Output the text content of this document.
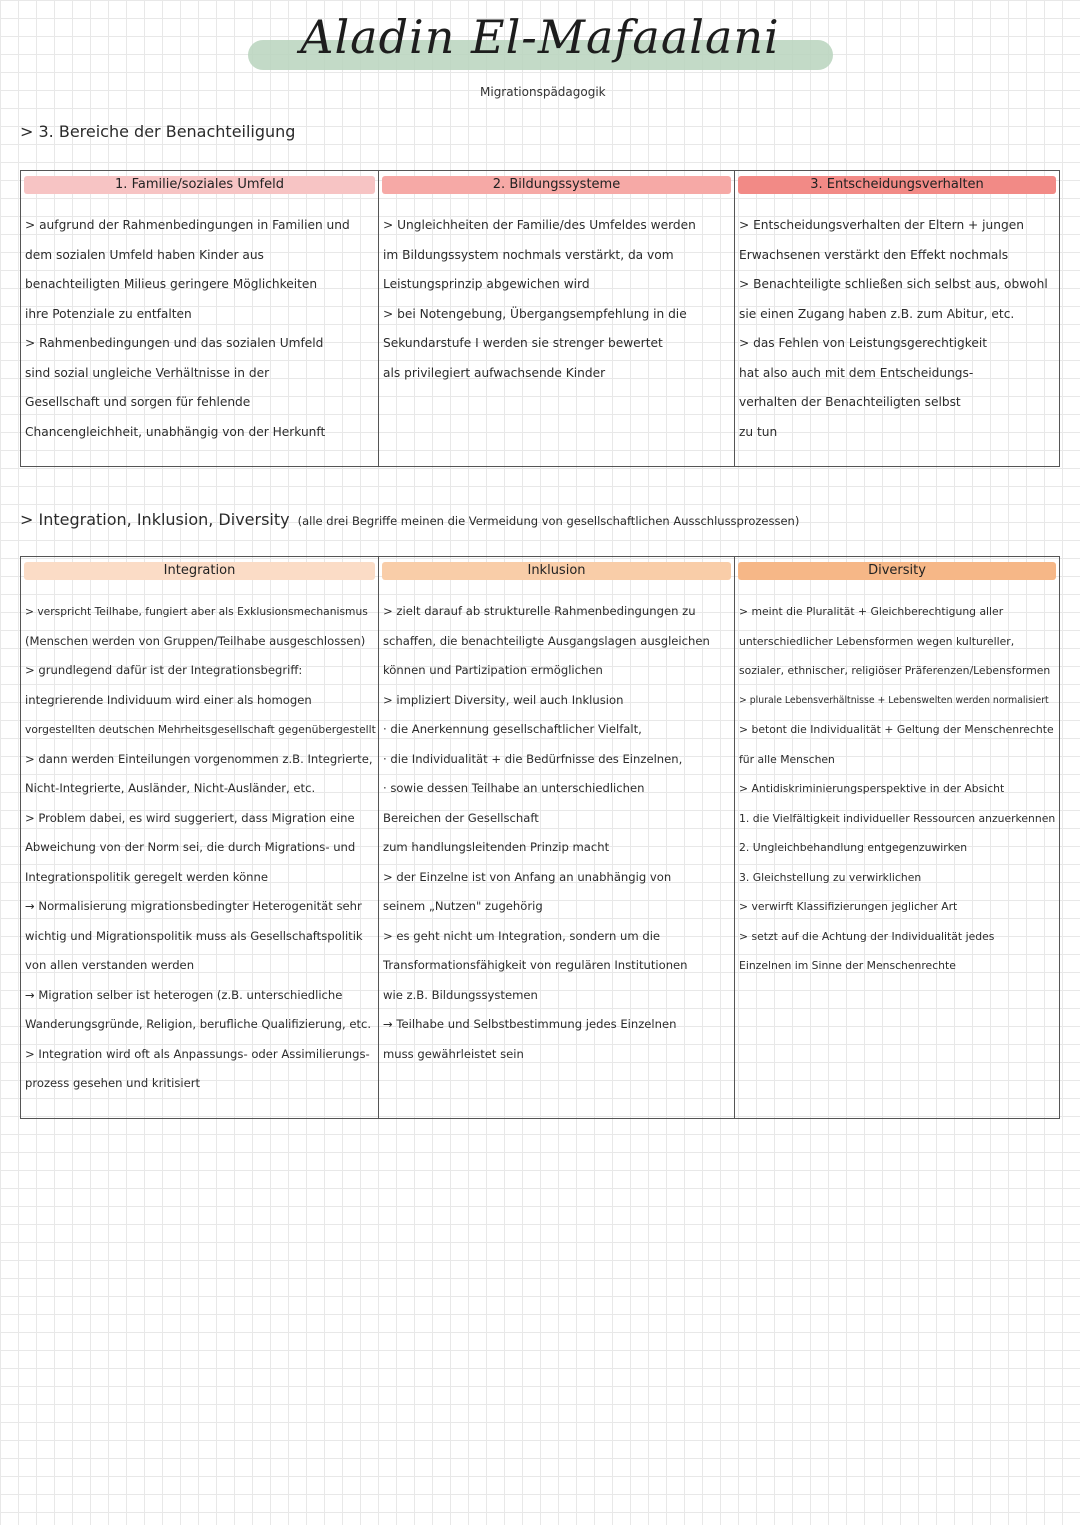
Aladin El-Mafaalani
Migrationspädagogik
> 3. Bereiche der Benachteiligung
1. Familie/soziales Umfeld
> aufgrund der Rahmenbedingungen in Familien und
dem sozialen Umfeld haben Kinder aus
benachteiligten Milieus geringere Möglichkeiten
ihre Potenziale zu entfalten
> Rahmenbedingungen und das sozialen Umfeld
sind sozial ungleiche Verhältnisse in der
Gesellschaft und sorgen für fehlende
Chancengleichheit, unabhängig von der Herkunft
2. Bildungssysteme
> Ungleichheiten der Familie/des Umfeldes werden
im Bildungssystem nochmals verstärkt, da vom
Leistungsprinzip abgewichen wird
> bei Notengebung, Übergangsempfehlung in die
Sekundarstufe I werden sie strenger bewertet
als privilegiert aufwachsende Kinder
3. Entscheidungsverhalten
> Entscheidungsverhalten der Eltern + jungen
Erwachsenen verstärkt den Effekt nochmals
> Benachteiligte schließen sich selbst aus, obwohl
sie einen Zugang haben z.B. zum Abitur, etc.
> das Fehlen von Leistungsgerechtigkeit
hat also auch mit dem Entscheidungs-
verhalten der Benachteiligten selbst
zu tun
> Integration, Inklusion, Diversity (alle drei Begriffe meinen die Vermeidung von gesellschaftlichen Ausschlussprozessen)
Integration
> verspricht Teilhabe, fungiert aber als Exklusionsmechanismus
(Menschen werden von Gruppen/Teilhabe ausgeschlossen)
> grundlegend dafür ist der Integrationsbegriff:
integrierende Individuum wird einer als homogen
vorgestellten deutschen Mehrheitsgesellschaft gegenübergestellt
> dann werden Einteilungen vorgenommen z.B. Integrierte,
Nicht-Integrierte, Ausländer, Nicht-Ausländer, etc.
> Problem dabei, es wird suggeriert, dass Migration eine
Abweichung von der Norm sei, die durch Migrations- und
Integrationspolitik geregelt werden könne
→ Normalisierung migrationsbedingter Heterogenität sehr
wichtig und Migrationspolitik muss als Gesellschaftspolitik
von allen verstanden werden
→ Migration selber ist heterogen (z.B. unterschiedliche
Wanderungsgründe, Religion, berufliche Qualifizierung, etc.
> Integration wird oft als Anpassungs- oder Assimilierungs-
prozess gesehen und kritisiert
Inklusion
> zielt darauf ab strukturelle Rahmenbedingungen zu
schaffen, die benachteiligte Ausgangslagen ausgleichen
können und Partizipation ermöglichen
> impliziert Diversity, weil auch Inklusion
· die Anerkennung gesellschaftlicher Vielfalt,
· die Individualität + die Bedürfnisse des Einzelnen,
· sowie dessen Teilhabe an unterschiedlichen
Bereichen der Gesellschaft
zum handlungsleitenden Prinzip macht
> der Einzelne ist von Anfang an unabhängig von
seinem „Nutzen" zugehörig
> es geht nicht um Integration, sondern um die
Transformationsfähigkeit von regulären Institutionen
wie z.B. Bildungssystemen
→ Teilhabe und Selbstbestimmung jedes Einzelnen
muss gewährleistet sein
Diversity
> meint die Pluralität + Gleichberechtigung aller
unterschiedlicher Lebensformen wegen kultureller,
sozialer, ethnischer, religiöser Präferenzen/Lebensformen
> plurale Lebensverhältnisse + Lebenswelten werden normalisiert
> betont die Individualität + Geltung der Menschenrechte
für alle Menschen
> Antidiskriminierungsperspektive in der Absicht
1. die Vielfältigkeit individueller Ressourcen anzuerkennen
2. Ungleichbehandlung entgegenzuwirken
3. Gleichstellung zu verwirklichen
> verwirft Klassifizierungen jeglicher Art
> setzt auf die Achtung der Individualität jedes
Einzelnen im Sinne der Menschenrechte
